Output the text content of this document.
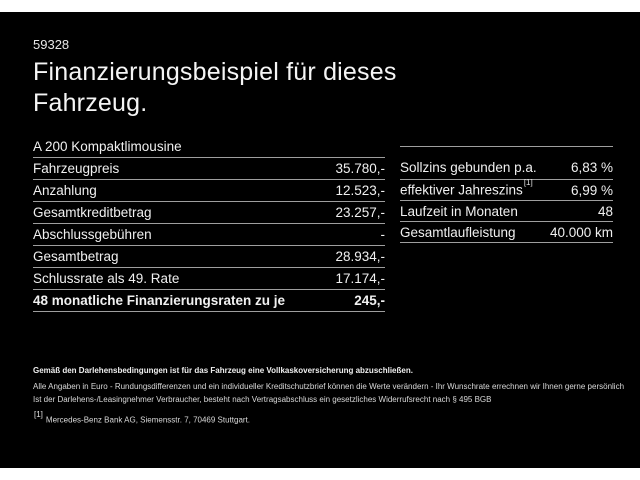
59328
Finanzierungsbeispiel für dieses
Fahrzeug.
A 200 Kompaktlimousine
Fahrzeugpreis	35.780,-
Anzahlung	12.523,-
Gesamtkreditbetrag	23.257,-
Abschlussgebühren	-
Gesamtbetrag	28.934,-
Schlussrate als 49. Rate	17.174,-
48 monatliche Finanzierungsraten zu je	245,-
Sollzins gebunden p.a.	6,83 %
effektiver Jahreszins[1]	6,99 %
Laufzeit in Monaten	48
Gesamtlaufleistung	40.000 km
Gemäß den Darlehensbedingungen ist für das Fahrzeug eine Vollkaskoversicherung abzuschließen.
Alle Angaben in Euro - Rundungsdifferenzen und ein individueller Kreditschutzbrief können die Werte verändern - Ihr Wunschrate errechnen wir Ihnen gerne persönlich
Ist der Darlehens-/Leasingnehmer Verbraucher, besteht nach Vertragsabschluss ein gesetzliches Widerrufsrecht nach § 495 BGB
[1]Mercedes-Benz Bank AG, Siemensstr. 7, 70469 Stuttgart.
